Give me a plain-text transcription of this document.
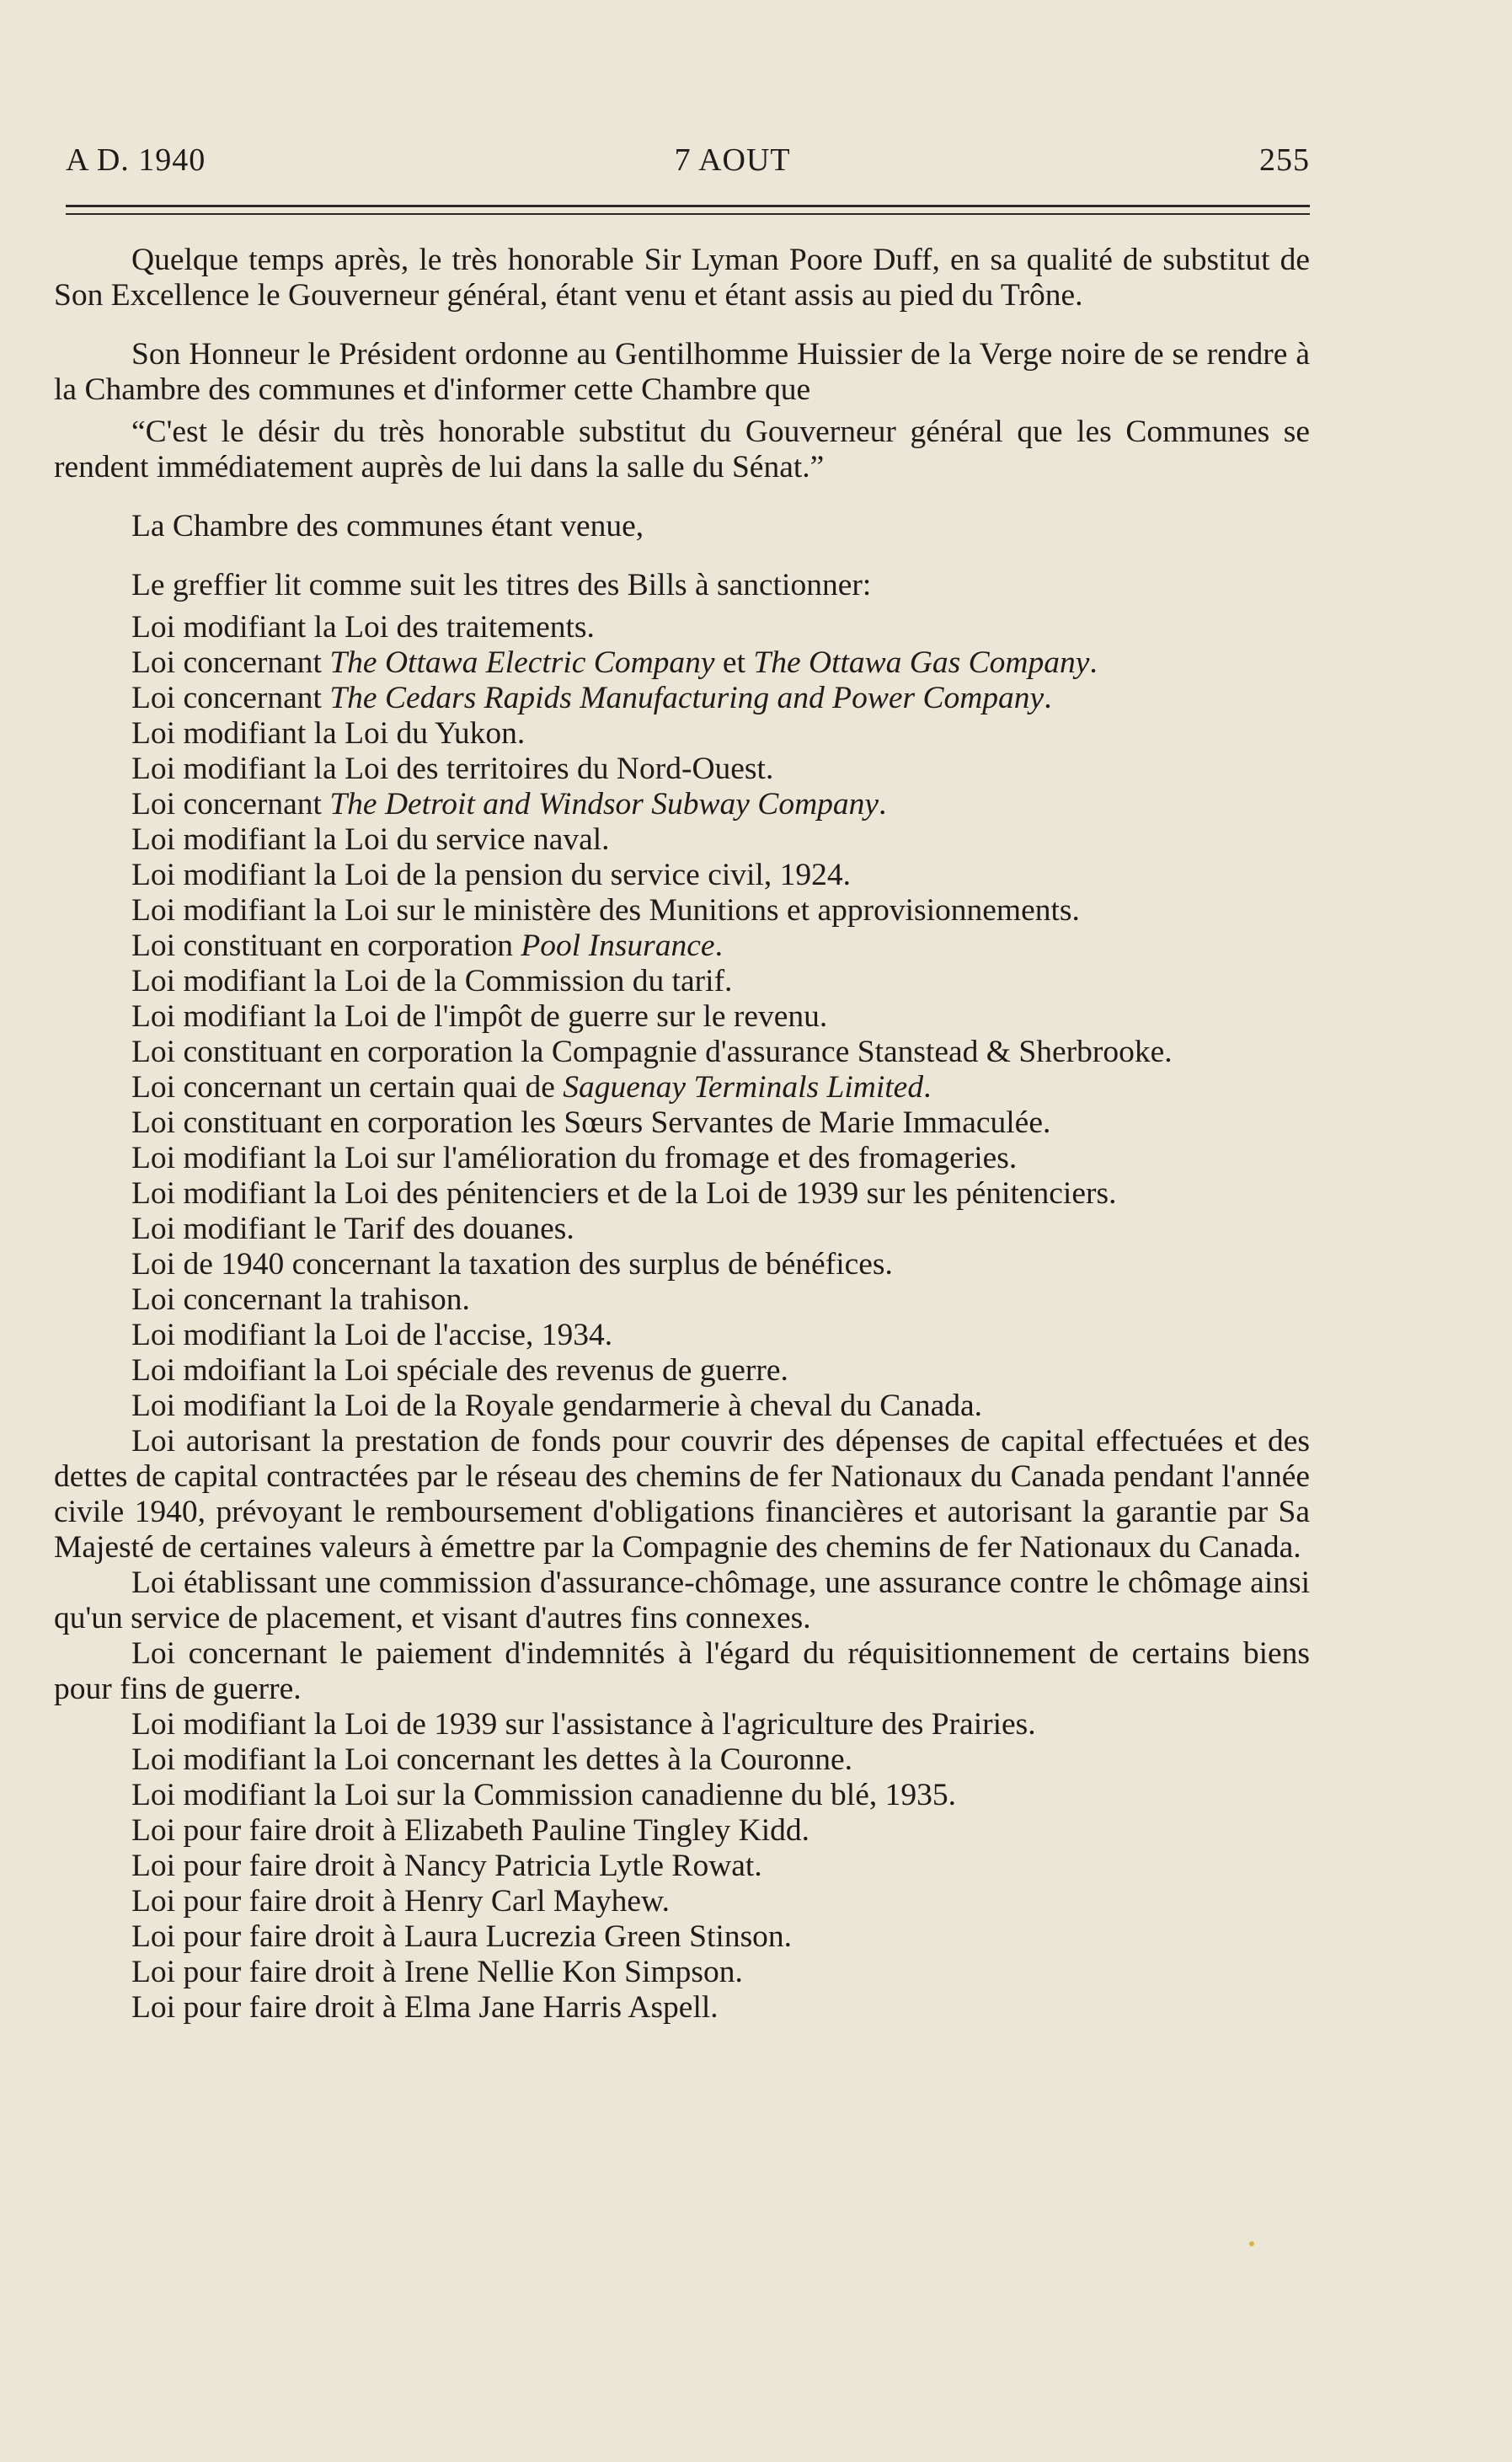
A D. 1940	7 AOUT	255

Quelque temps après, le très honorable Sir Lyman Poore Duff, en sa qualité de substitut de Son Excellence le Gouverneur général, étant venu et étant assis au pied du Trône.

Son Honneur le Président ordonne au Gentilhomme Huissier de la Verge noire de se rendre à la Chambre des communes et d'informer cette Chambre que

“C'est le désir du très honorable substitut du Gouverneur général que les Communes se rendent immédiatement auprès de lui dans la salle du Sénat.”

La Chambre des communes étant venue,

Le greffier lit comme suit les titres des Bills à sanctionner:

Loi modifiant la Loi des traitements.

Loi concernant The Ottawa Electric Company et The Ottawa Gas Company.

Loi concernant The Cedars Rapids Manufacturing and Power Company.

Loi modifiant la Loi du Yukon.

Loi modifiant la Loi des territoires du Nord-Ouest.

Loi concernant The Detroit and Windsor Subway Company.

Loi modifiant la Loi du service naval.

Loi modifiant la Loi de la pension du service civil, 1924.

Loi modifiant la Loi sur le ministère des Munitions et approvisionnements.

Loi constituant en corporation Pool Insurance.

Loi modifiant la Loi de la Commission du tarif.

Loi modifiant la Loi de l'impôt de guerre sur le revenu.

Loi constituant en corporation la Compagnie d'assurance Stanstead & Sherbrooke.

Loi concernant un certain quai de Saguenay Terminals Limited.

Loi constituant en corporation les Sœurs Servantes de Marie Immaculée.

Loi modifiant la Loi sur l'amélioration du fromage et des fromageries.

Loi modifiant la Loi des pénitenciers et de la Loi de 1939 sur les pénitenciers.

Loi modifiant le Tarif des douanes.

Loi de 1940 concernant la taxation des surplus de bénéfices.

Loi concernant la trahison.

Loi modifiant la Loi de l'accise, 1934.

Loi mdoifiant la Loi spéciale des revenus de guerre.

Loi modifiant la Loi de la Royale gendarmerie à cheval du Canada.

Loi autorisant la prestation de fonds pour couvrir des dépenses de capital effectuées et des dettes de capital contractées par le réseau des chemins de fer Nationaux du Canada pendant l'année civile 1940, prévoyant le remboursement d'obligations financières et autorisant la garantie par Sa Majesté de certaines valeurs à émettre par la Compagnie des chemins de fer Nationaux du Canada.

Loi établissant une commission d'assurance-chômage, une assurance contre le chômage ainsi qu'un service de placement, et visant d'autres fins connexes.

Loi concernant le paiement d'indemnités à l'égard du réquisitionnement de certains biens pour fins de guerre.

Loi modifiant la Loi de 1939 sur l'assistance à l'agriculture des Prairies.

Loi modifiant la Loi concernant les dettes à la Couronne.

Loi modifiant la Loi sur la Commission canadienne du blé, 1935.

Loi pour faire droit à Elizabeth Pauline Tingley Kidd.

Loi pour faire droit à Nancy Patricia Lytle Rowat.

Loi pour faire droit à Henry Carl Mayhew.

Loi pour faire droit à Laura Lucrezia Green Stinson.

Loi pour faire droit à Irene Nellie Kon Simpson.

Loi pour faire droit à Elma Jane Harris Aspell.
